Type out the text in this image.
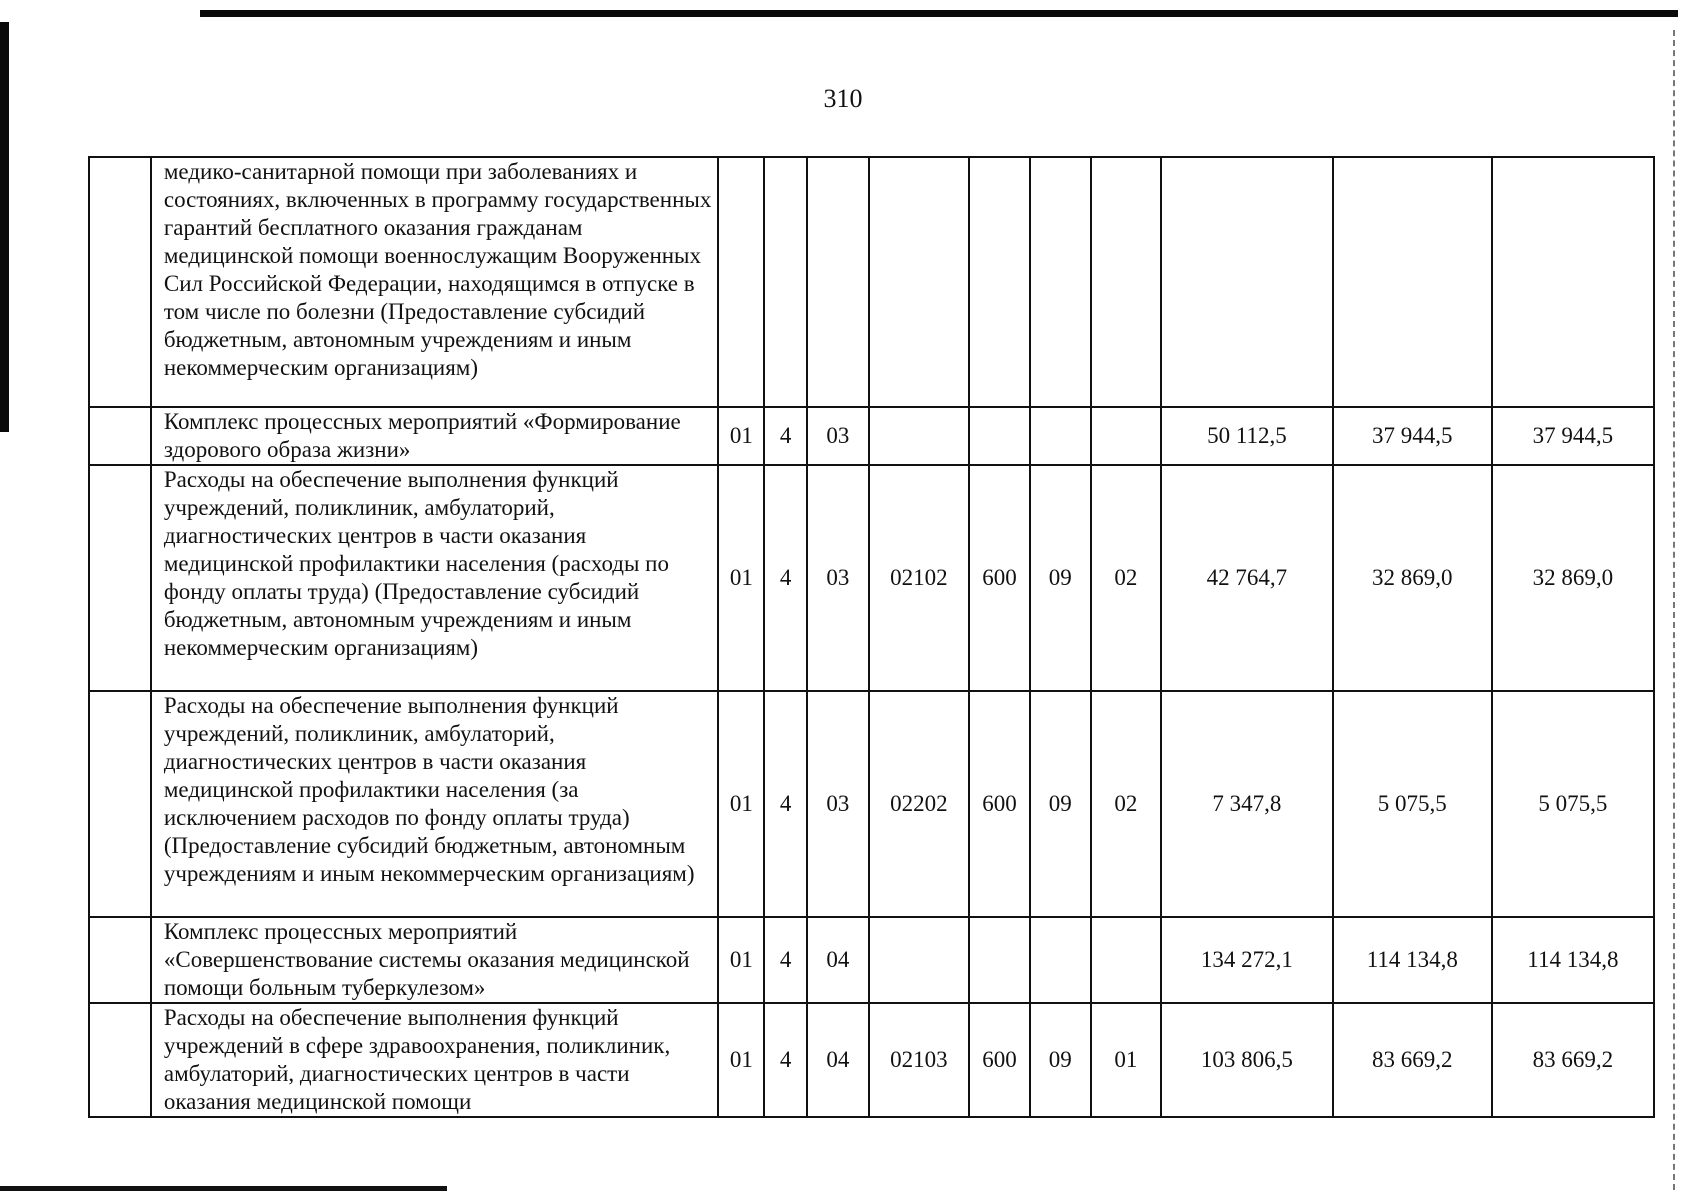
310
	медико-санитарной помощи при заболеваниях и состояниях, включенных в программу государственных гарантий бесплатного оказания гражданам медицинской помощи военнослужащим Вооруженных Сил Российской Федерации, находящимся в отпуске в том числе по болезни (Предоставление субсидий бюджетным, автономным учреждениям и иным некоммерческим организациям)										
	Комплекс процессных мероприятий «Формирование здорового образа жизни»	01	4	03					50 112,5	37 944,5	37 944,5
	Расходы на обеспечение выполнения функций учреждений, поликлиник, амбулаторий, диагностических центров в части оказания медицинской профилактики населения (расходы по фонду оплаты труда) (Предоставление субсидий бюджетным, автономным учреждениям и иным некоммерческим организациям)	01	4	03	02102	600	09	02	42 764,7	32 869,0	32 869,0
	Расходы на обеспечение выполнения функций учреждений, поликлиник, амбулаторий, диагностических центров в части оказания медицинской профилактики населения (за исключением расходов по фонду оплаты труда) (Предоставление субсидий бюджетным, автономным учреждениям и иным некоммерческим организациям)	01	4	03	02202	600	09	02	7 347,8	5 075,5	5 075,5
	Комплекс процессных мероприятий «Совершенствование системы оказания медицинской помощи больным туберкулезом»	01	4	04					134 272,1	114 134,8	114 134,8
	Расходы на обеспечение выполнения функций учреждений в сфере здравоохранения, поликлиник, амбулаторий, диагностических центров в части оказания медицинской помощи	01	4	04	02103	600	09	01	103 806,5	83 669,2	83 669,2
